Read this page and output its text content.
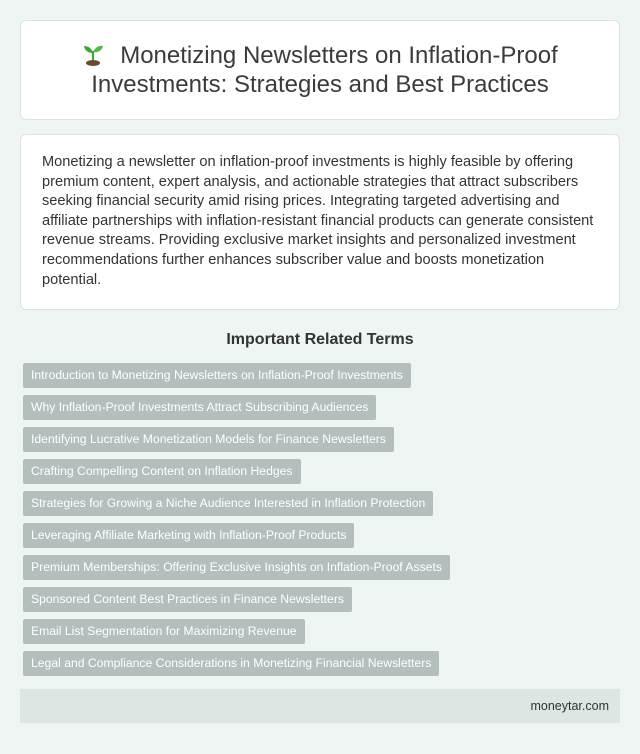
Monetizing Newsletters on Inflation-Proof Investments: Strategies and Best Practices

Monetizing a newsletter on inflation-proof investments is highly feasible by offering premium content, expert analysis, and actionable strategies that attract subscribers seeking financial security amid rising prices. Integrating targeted advertising and affiliate partnerships with inflation-resistant financial products can generate consistent revenue streams. Providing exclusive market insights and personalized investment recommendations further enhances subscriber value and boosts monetization potential.

Important Related Terms
Introduction to Monetizing Newsletters on Inflation-Proof Investments
Why Inflation-Proof Investments Attract Subscribing Audiences
Identifying Lucrative Monetization Models for Finance Newsletters
Crafting Compelling Content on Inflation Hedges
Strategies for Growing a Niche Audience Interested in Inflation Protection
Leveraging Affiliate Marketing with Inflation-Proof Products
Premium Memberships: Offering Exclusive Insights on Inflation-Proof Assets
Sponsored Content Best Practices in Finance Newsletters
Email List Segmentation for Maximizing Revenue
Legal and Compliance Considerations in Monetizing Financial Newsletters
moneytar.com
